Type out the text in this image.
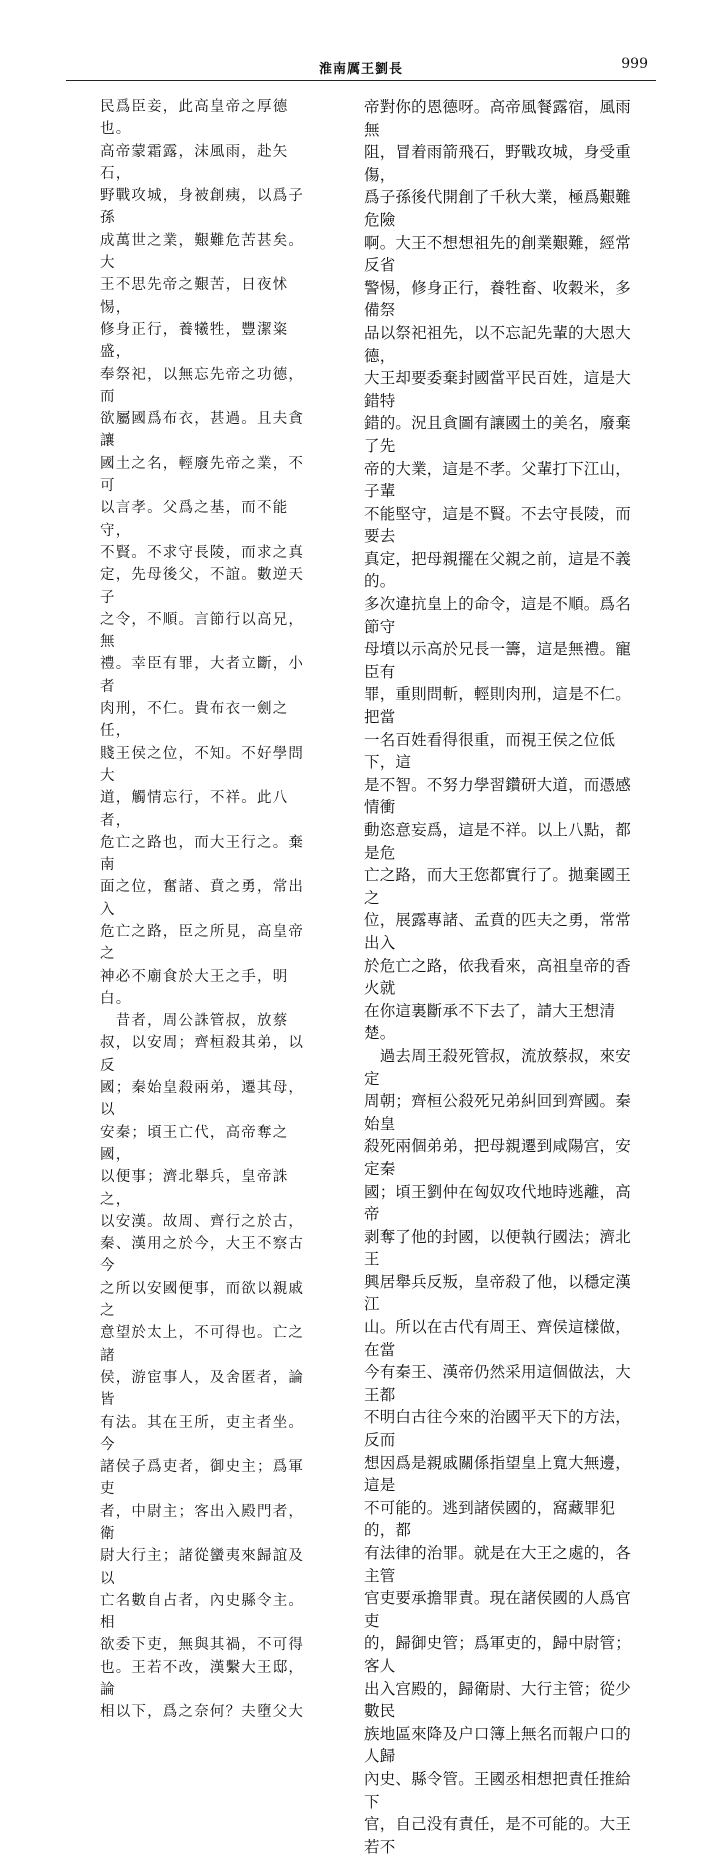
淮南厲王劉長	999

民爲臣妾，此高皇帝之厚德也。
高帝蒙霜露，沫風雨，赴矢石，
野戰攻城，身被創痍，以爲子孫
成萬世之業，艱難危苦甚矣。大
王不思先帝之艱苦，日夜怵惕，
修身正行，養犧牲，豐潔粢盛，
奉祭祀，以無忘先帝之功德，而
欲屬國爲布衣，甚過。且夫貪讓
國土之名，輕廢先帝之業，不可
以言孝。父爲之基，而不能守，
不賢。不求守長陵，而求之真
定，先母後父，不誼。數逆天子
之令，不順。言節行以高兄，無
禮。幸臣有罪，大者立斷，小者
肉刑，不仁。貴布衣一劍之任，
賤王侯之位，不知。不好學問大
道，觸情忘行，不祥。此八者，
危亡之路也，而大王行之。棄南
面之位，奮諸、賁之勇，常出入
危亡之路，臣之所見，高皇帝之
神必不廟食於大王之手，明白。

　昔者，周公誅管叔，放蔡
叔，以安周；齊桓殺其弟，以反
國；秦始皇殺兩弟，遷其母，以
安秦；頃王亡代，高帝奪之國，
以便事；濟北舉兵，皇帝誅之，
以安漢。故周、齊行之於古，
秦、漢用之於今，大王不察古今
之所以安國便事，而欲以親戚之
意望於太上，不可得也。亡之諸
侯，游宦事人，及舍匿者，論皆
有法。其在王所，吏主者坐。今
諸侯子爲吏者，御史主；爲軍吏
者，中尉主；客出入殿門者，衛
尉大行主；諸從蠻夷來歸誼及以
亡名數自占者，內史縣令主。相
欲委下吏，無與其禍，不可得
也。王若不改，漢繫大王邸，論
相以下，爲之奈何？夫墮父大

帝對你的恩德呀。高帝風餐露宿，風雨無
阻，冒着雨箭飛石，野戰攻城，身受重傷，
爲子孫後代開創了千秋大業，極爲艱難危險
啊。大王不想想祖先的創業艱難，經常反省
警惕，修身正行，養牲畜、收穀米，多備祭
品以祭祀祖先，以不忘記先輩的大恩大德，
大王却要委棄封國當平民百姓，這是大錯特
錯的。況且貪圖有讓國土的美名，廢棄了先
帝的大業，這是不孝。父輩打下江山，子輩
不能堅守，這是不賢。不去守長陵，而要去
真定，把母親擺在父親之前，這是不義的。
多次違抗皇上的命令，這是不順。爲名節守
母墳以示高於兄長一籌，這是無禮。寵臣有
罪，重則問斬，輕則肉刑，這是不仁。把當
一名百姓看得很重，而視王侯之位低下，這
是不智。不努力學習鑽研大道，而憑感情衝
動恣意妄爲，這是不祥。以上八點，都是危
亡之路，而大王您都實行了。拋棄國王之
位，展露專諸、孟賁的匹夫之勇，常常出入
於危亡之路，依我看來，高祖皇帝的香火就
在你這裏斷承不下去了，請大王想清楚。

　過去周王殺死管叔，流放蔡叔，來安定
周朝；齊桓公殺死兄弟糾回到齊國。秦始皇
殺死兩個弟弟，把母親遷到咸陽宫，安定秦
國；頃王劉仲在匈奴攻代地時逃離，高帝
剥奪了他的封國，以便執行國法；濟北王
興居舉兵反叛，皇帝殺了他，以穩定漢江
山。所以在古代有周王、齊侯這樣做，在當
今有秦王、漢帝仍然采用這個做法，大王都
不明白古往今來的治國平天下的方法，反而
想因爲是親戚關係指望皇上寬大無邊，這是
不可能的。逃到諸侯國的，窩藏罪犯的，都
有法律的治罪。就是在大王之處的，各主管
官吏要承擔罪責。現在諸侯國的人爲官吏
的，歸御史管；爲軍吏的，歸中尉管；客人
出入宫殿的，歸衛尉、大行主管；從少數民
族地區來降及户口簿上無名而報户口的人歸
內史、縣令管。王國丞相想把責任推給下
官，自己没有責任，是不可能的。大王若不
